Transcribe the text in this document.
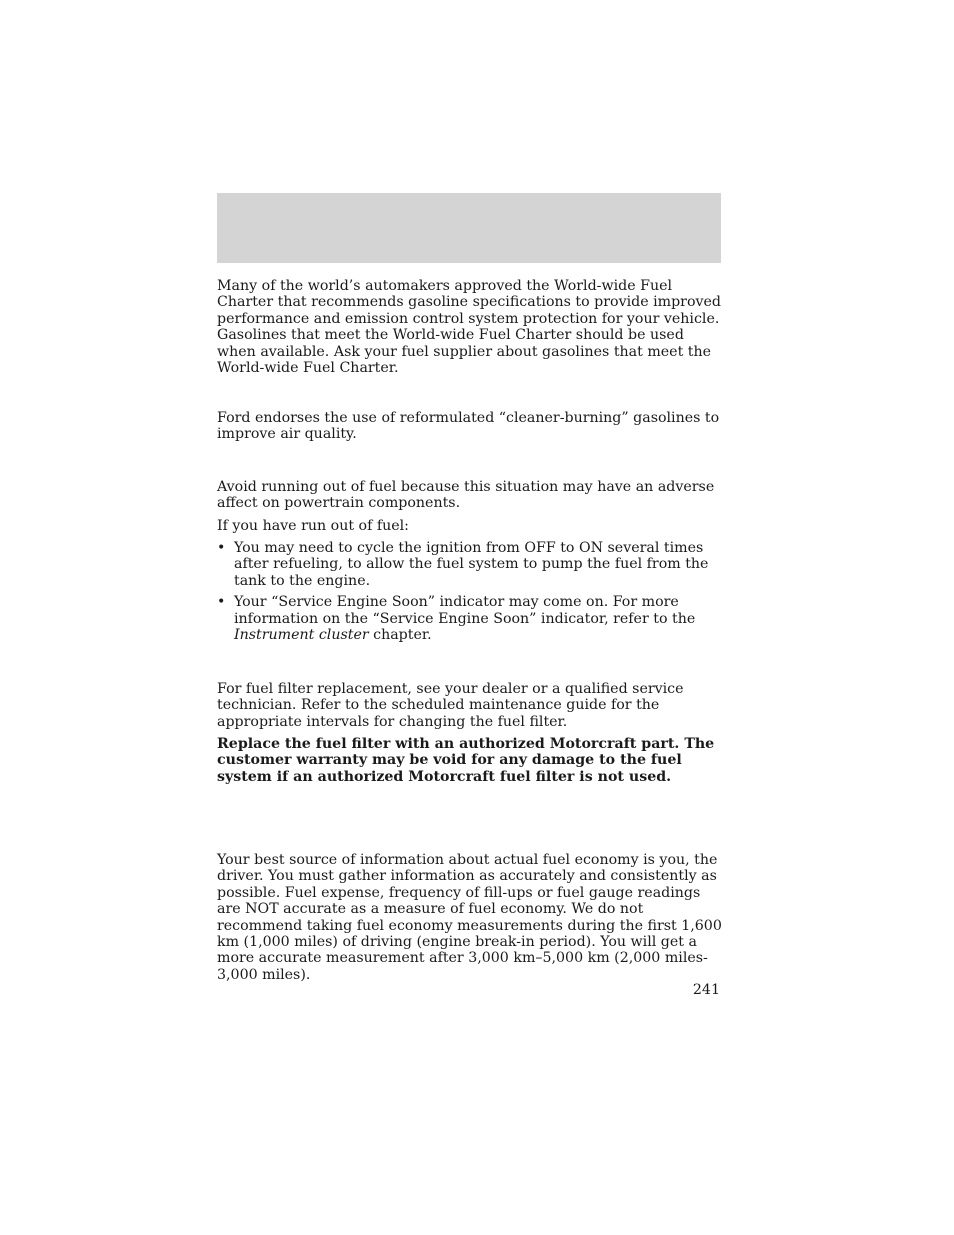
Many of the world’s automakers approved the World-wide Fuel Charter that recommends gasoline specifications to provide improved performance and emission control system protection for your vehicle. Gasolines that meet the World-wide Fuel Charter should be used when available. Ask your fuel supplier about gasolines that meet the World-wide Fuel Charter.

Ford endorses the use of reformulated “cleaner-burning” gasolines to improve air quality.

Avoid running out of fuel because this situation may have an adverse affect on powertrain components.

If you have run out of fuel:

• You may need to cycle the ignition from OFF to ON several times after refueling, to allow the fuel system to pump the fuel from the tank to the engine.
• Your “Service Engine Soon” indicator may come on. For more information on the “Service Engine Soon” indicator, refer to the Instrument cluster chapter.

For fuel filter replacement, see your dealer or a qualified service technician. Refer to the scheduled maintenance guide for the appropriate intervals for changing the fuel filter.

Replace the fuel filter with an authorized Motorcraft part. The customer warranty may be void for any damage to the fuel system if an authorized Motorcraft fuel filter is not used.

Your best source of information about actual fuel economy is you, the driver. You must gather information as accurately and consistently as possible. Fuel expense, frequency of fill-ups or fuel gauge readings are NOT accurate as a measure of fuel economy. We do not recommend taking fuel economy measurements during the first 1,600 km (1,000 miles) of driving (engine break-in period). You will get a more accurate measurement after 3,000 km–5,000 km (2,000 miles-3,000 miles).

241
